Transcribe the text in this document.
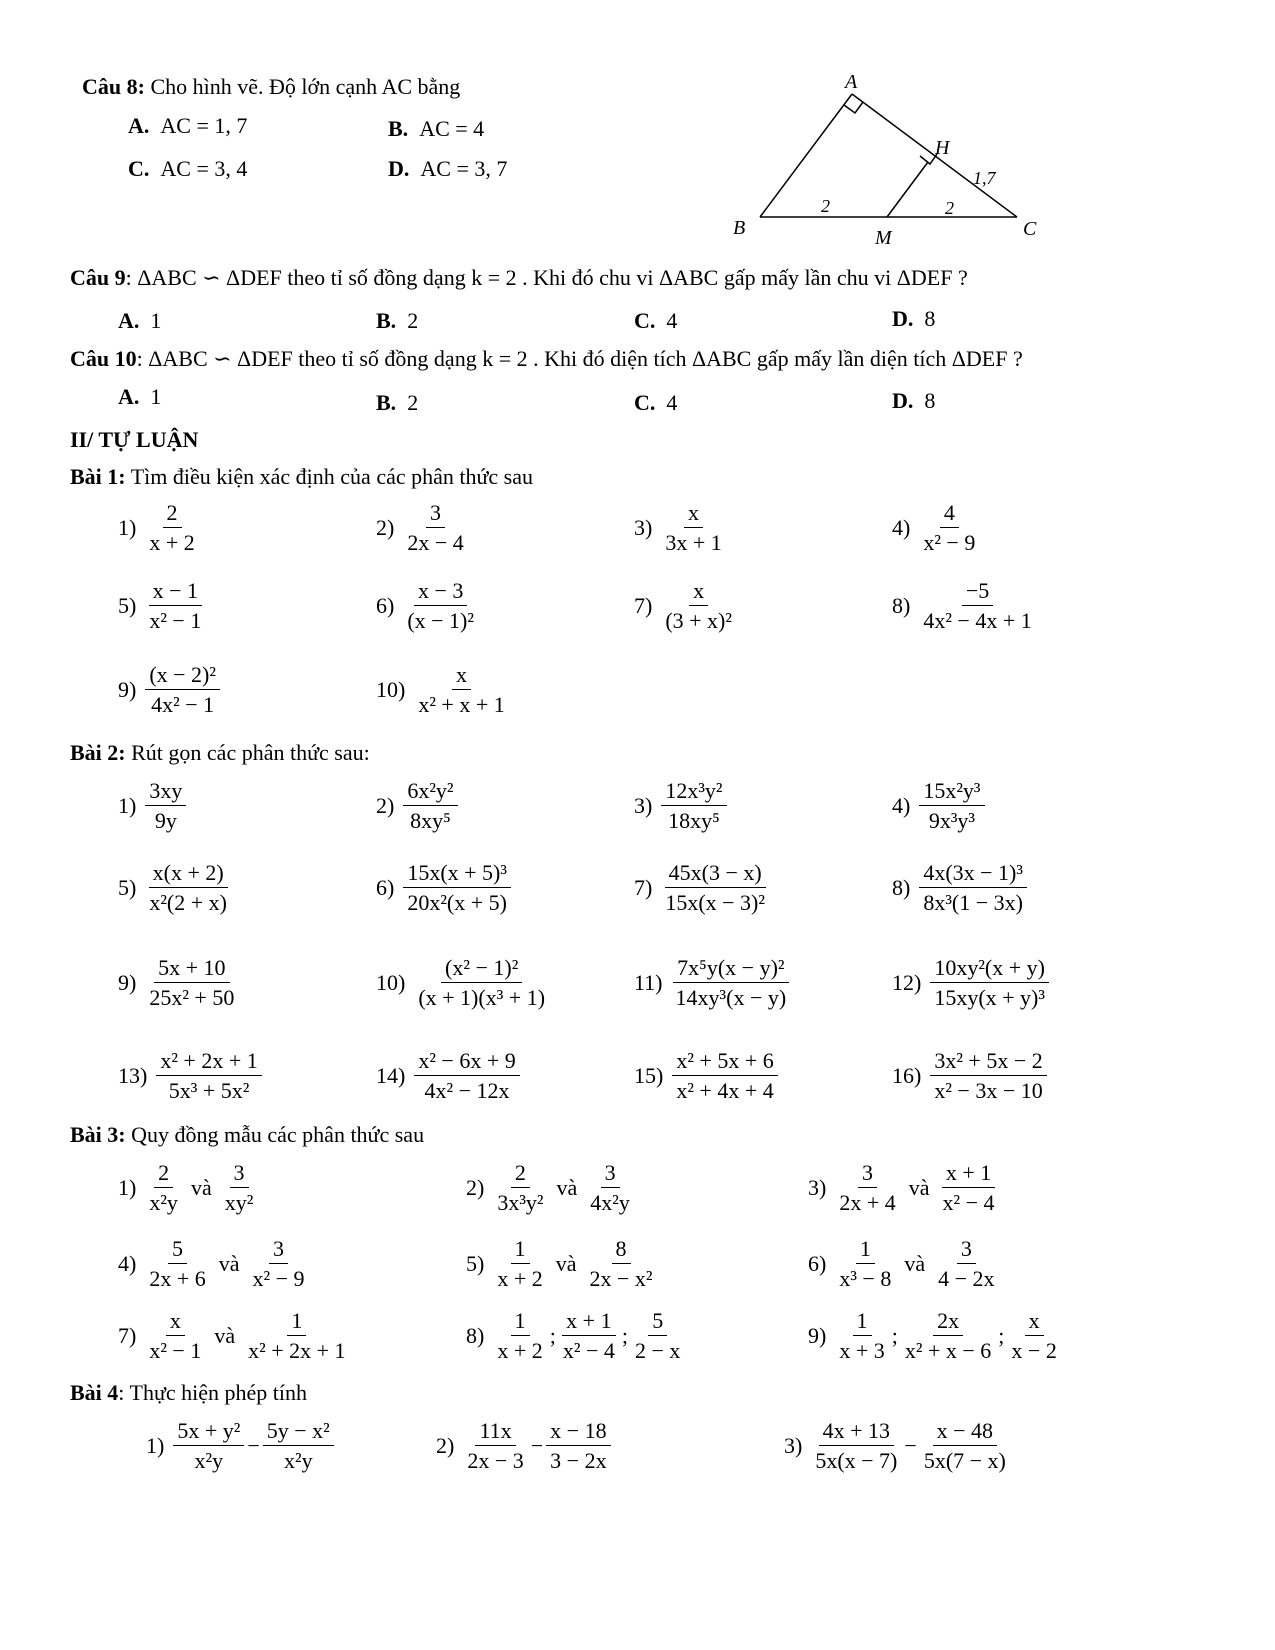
Câu 8: Cho hình vẽ. Độ lớn cạnh AC bằng
A. AC = 1, 7	B. AC = 4
C. AC = 3, 4	D. AC = 3, 7
A
B	C
H
M
2	2
1,7
Câu 9: ΔABC ∽ ΔDEF theo tỉ số đồng dạng k = 2 . Khi đó chu vi ΔABC gấp mấy lần chu vi ΔDEF ?
A. 1	B. 2	C. 4	D. 8
Câu 10: ΔABC ∽ ΔDEF theo tỉ số đồng dạng k = 2 . Khi đó diện tích ΔABC gấp mấy lần diện tích ΔDEF ?
A. 1	B. 2	C. 4	D. 8
II/ TỰ LUẬN
Bài 1: Tìm điều kiện xác định của các phân thức sau
$1) \frac{2}{x + 2}$	$2) \frac{3}{2x - 4}$	$3) \frac{x}{3x + 1}$	$4) \frac{4}{\text{x² − 9}}$
$5) \frac{x - 1}{\text{x² − 1}}$	$6) \frac{x - 3}{\text{(x − 1)²}}$	$7) \frac{x}{\text{(3 + x)²}}$	$8) \frac{-5}{\text{4x² − 4x + 1}}$
$9) \frac{\text{(x − 2)²}}{\text{4x² − 1}}$	$10) \frac{x}{\text{x² + x + 1}}$
Bài 2: Rút gọn các phân thức sau:
$1) \frac{3xy}{9y}$	$2) \frac{\text{6x²y²}}{\text{8xy⁵}}$	$3) \frac{\text{12x³y²}}{\text{18xy⁵}}$	$4) \frac{\text{15x²y³}}{\text{9x³y³}}$
$5) \frac{x(x + 2)}{\text{x²(2 + x)}}$	$6) \frac{\text{15x(x + 5)³}}{\text{20x²(x + 5)}}$	$7) \frac{45x(3 - x)}{\text{15x(x − 3)²}}$	$8) \frac{\text{4x(3x − 1)³}}{\text{8x³(1 − 3x)}}$
$9) \frac{5x + 10}{\text{25x² + 50}}$	$10) \frac{\text{(x² − 1)²}}{\text{(x + 1)(x³ + 1)}}$	$11) \frac{\text{7x⁵y(x − y)²}}{\text{14xy³(x − y)}}$	$12) \frac{\text{10xy²(x + y)}}{\text{15xy(x + y)³}}$
$13) \frac{\text{x² + 2x + 1}}{\text{5x³ + 5x²}}$	$14) \frac{\text{x² − 6x + 9}}{\text{4x² − 12x}}$	$15) \frac{\text{x² + 5x + 6}}{\text{x² + 4x + 4}}$	$16) \frac{\text{3x² + 5x − 2}}{\text{x² − 3x − 10}}$
Bài 3: Quy đồng mẫu các phân thức sau
$1) \frac{2}{\text{x²y}}$ và $\frac{3}{\text{xy²}}$	$2) \frac{2}{\text{3x³y²}}$ và $\frac{3}{\text{4x²y}}$	$3) \frac{3}{2x + 4}$ và $\frac{x + 1}{\text{x² − 4}}$
$4) \frac{5}{2x + 6}$ và $\frac{3}{\text{x² − 9}}$	$5) \frac{1}{x + 2}$ và $\frac{8}{\text{2x − x²}}$	$6) \frac{1}{\text{x³ − 8}}$ và $\frac{3}{4 - 2x}$
$7) \frac{x}{\text{x² − 1}}$ và $\frac{1}{\text{x² + 2x + 1}}$	$8) \frac{1}{x + 2}$ ; $\frac{x + 1}{\text{x² − 4}}$ ; $\frac{5}{2 - x}$	$9) \frac{1}{x + 3}$ ; $\frac{2x}{\text{x² + x − 6}}$ ; $\frac{x}{x - 2}$
Bài 4: Thực hiện phép tính
$1) \frac{\text{5x + y²}}{\text{x²y}} - \frac{\text{5y − x²}}{\text{x²y}}$	$2) \frac{11x}{2x - 3} - \frac{x - 18}{3 - 2x}$	$3) \frac{4x + 13}{5x(x - 7)} - \frac{x - 48}{5x(7 - x)}$
